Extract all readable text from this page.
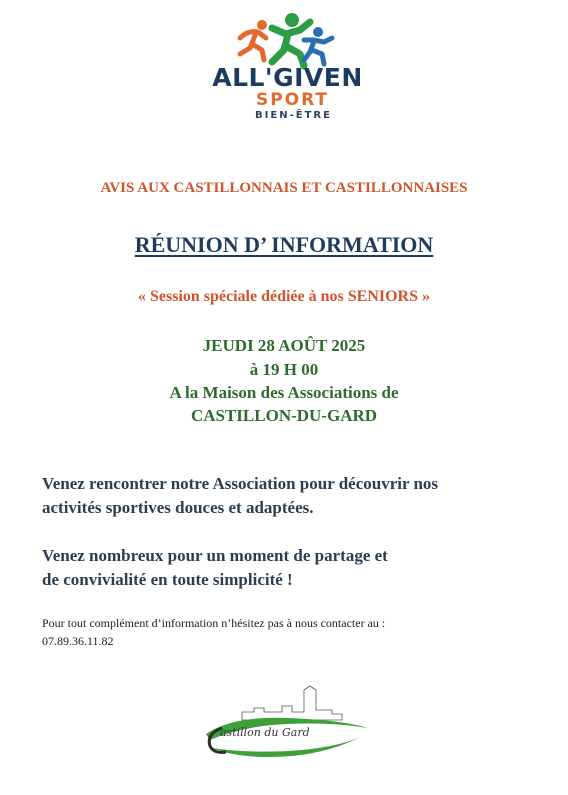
ALL'GIVEN
SPORT
BIEN-ÊTRE
AVIS AUX CASTILLONNAIS ET CASTILLONNAISES
RÉUNION D’ INFORMATION
« Session spéciale dédiée à nos SENIORS »
JEUDI 28 AOÛT 2025
à 19 H 00
A la Maison des Associations de
CASTILLON-DU-GARD
Venez rencontrer notre Association pour découvrir nos
activités sportives douces et adaptées.
Venez nombreux pour un moment de partage et
de convivialité en toute simplicité !
Pour tout complément d’information n’hésitez pas à nous contacter au :
07.89.36.11.82
astillon du Gard
